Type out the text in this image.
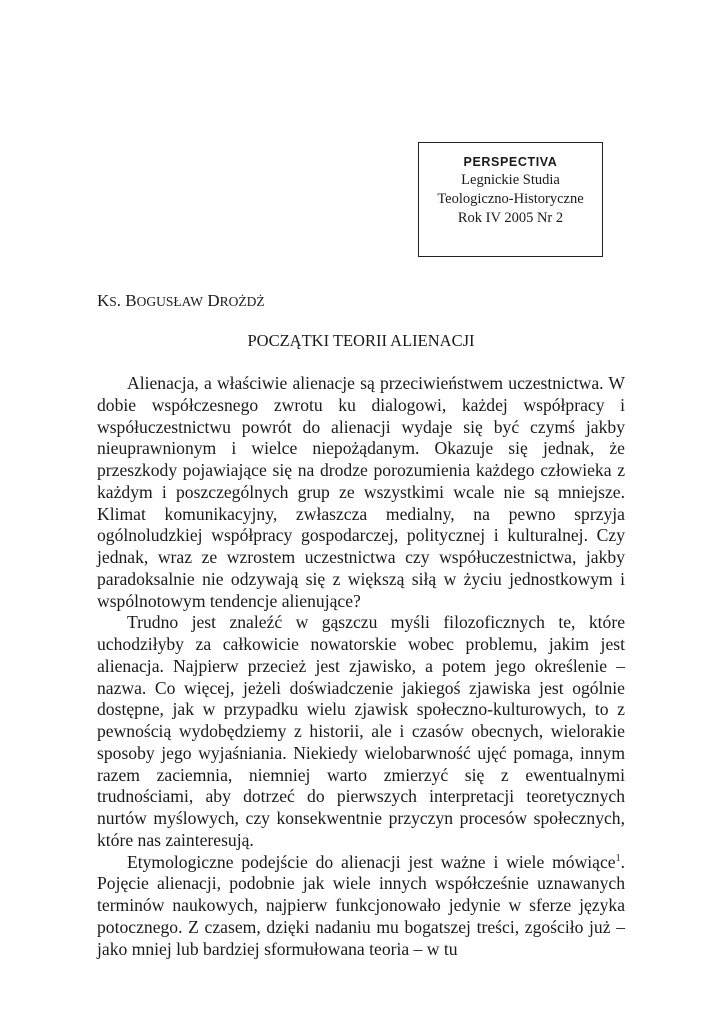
PERSPECTIVA
Legnickie Studia
Teologiczno-Historyczne
Rok IV 2005 Nr 2
KS. BOGUSŁAW DROŻDŻ
POCZĄTKI TEORII ALIENACJI

Alienacja, a właściwie alienacje są przeciwieństwem uczestnictwa. W dobie współczesnego zwrotu ku dialogowi, każdej współpracy i współuczestnictwu powrót do alienacji wydaje się być czymś jakby nieuprawnionym i wielce niepożądanym. Okazuje się jednak, że przeszkody pojawiające się na drodze porozumienia każdego człowieka z każdym i poszczególnych grup ze wszystkimi wcale nie są mniejsze. Klimat komunikacyjny, zwłaszcza medialny, na pewno sprzyja ogólnoludzkiej współpracy gospodarczej, politycznej i kulturalnej. Czy jednak, wraz ze wzrostem uczestnictwa czy współuczestnictwa, jakby paradoksalnie nie odzywają się z większą siłą w życiu jednostkowym i wspólnotowym tendencje alienujące?

Trudno jest znaleźć w gąszczu myśli filozoficznych te, które uchodziłyby za całkowicie nowatorskie wobec problemu, jakim jest alienacja. Najpierw przecież jest zjawisko, a potem jego określenie – nazwa. Co więcej, jeżeli doświadczenie jakiegoś zjawiska jest ogólnie dostępne, jak w przypadku wielu zjawisk społeczno-kulturowych, to z pewnością wydobędziemy z historii, ale i czasów obecnych, wielorakie sposoby jego wyjaśniania. Niekiedy wielobarwność ujęć pomaga, innym razem zaciemnia, niemniej warto zmierzyć się z ewentualnymi trudnościami, aby dotrzeć do pierwszych interpretacji teoretycznych nurtów myślowych, czy konsekwentnie przyczyn procesów społecznych, które nas zainteresują.

Etymologiczne podejście do alienacji jest ważne i wiele mówiące$^1$. Pojęcie alienacji, podobnie jak wiele innych współcześnie uznawanych terminów naukowych, najpierw funkcjonowało jedynie w sferze języka potocznego. Z czasem, dzięki nadaniu mu bogatszej treści, zgościło już – jako mniej lub bardziej sformułowana teoria – w tu
